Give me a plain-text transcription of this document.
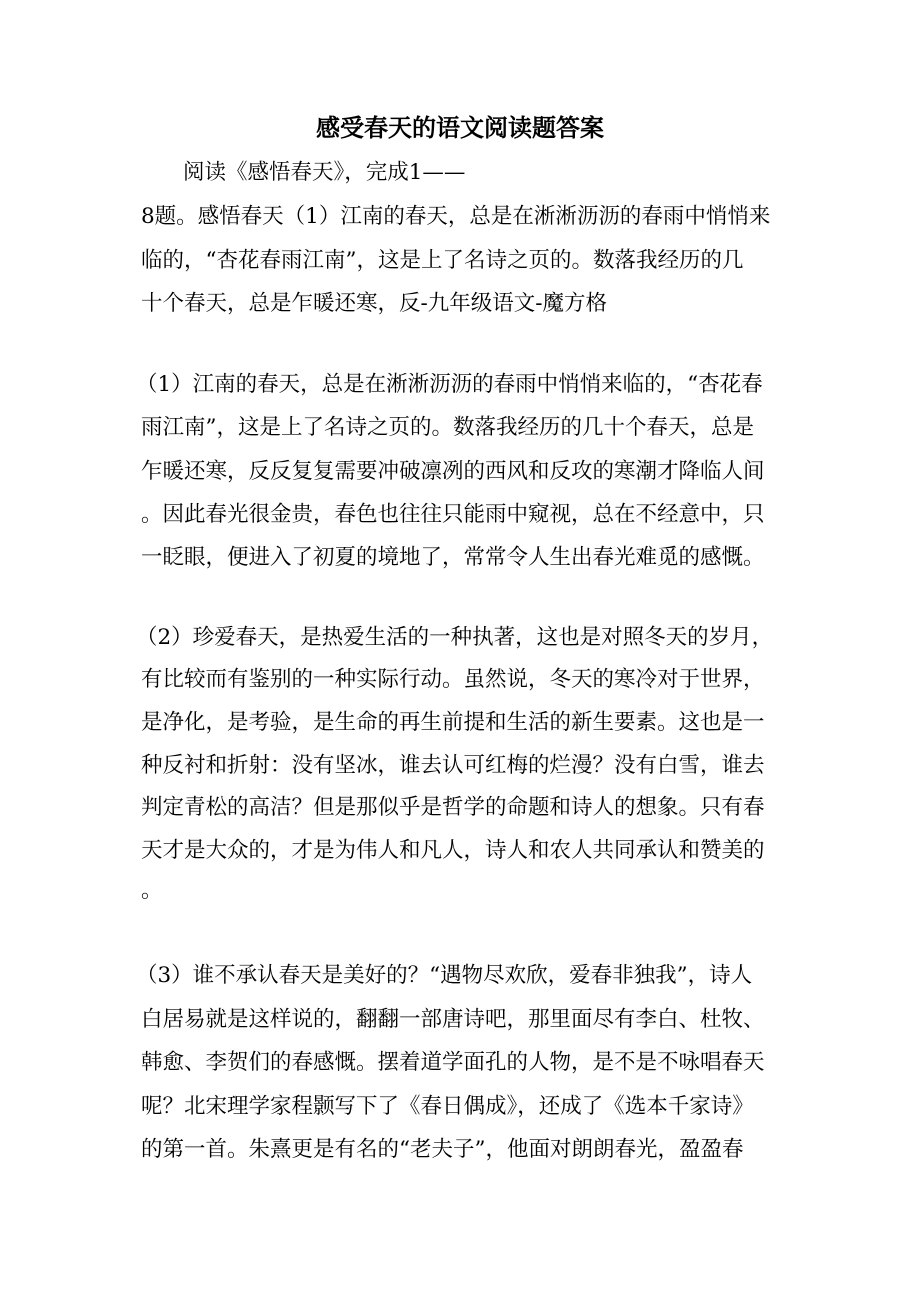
感受春天的语文阅读题答案
阅读《感悟春天》，完成1——
8题。感悟春天（1）江南的春天，总是在淅淅沥沥的春雨中悄悄来
临的，“杏花春雨江南”，这是上了名诗之页的。数落我经历的几
十个春天，总是乍暖还寒，反-九年级语文-魔方格
（1）江南的春天，总是在淅淅沥沥的春雨中悄悄来临的，“杏花春
雨江南”，这是上了名诗之页的。数落我经历的几十个春天，总是
乍暖还寒，反反复复需要冲破凛冽的西风和反攻的寒潮才降临人间
。因此春光很金贵，春色也往往只能雨中窥视，总在不经意中，只
一眨眼，便进入了初夏的境地了，常常令人生出春光难觅的感慨。
（2）珍爱春天，是热爱生活的一种执著，这也是对照冬天的岁月，
有比较而有鉴别的一种实际行动。虽然说，冬天的寒冷对于世界，
是净化，是考验，是生命的再生前提和生活的新生要素。这也是一
种反衬和折射：没有坚冰，谁去认可红梅的烂漫？没有白雪，谁去
判定青松的高洁？但是那似乎是哲学的命题和诗人的想象。只有春
天才是大众的，才是为伟人和凡人，诗人和农人共同承认和赞美的
。
（3）谁不承认春天是美好的？“遇物尽欢欣，爱春非独我”，诗人
白居易就是这样说的，翻翻一部唐诗吧，那里面尽有李白、杜牧、
韩愈、李贺们的春感慨。摆着道学面孔的人物，是不是不咏唱春天
呢？北宋理学家程颢写下了《春日偶成》，还成了《选本千家诗》
的第一首。朱熹更是有名的“老夫子”，他面对朗朗春光，盈盈春
